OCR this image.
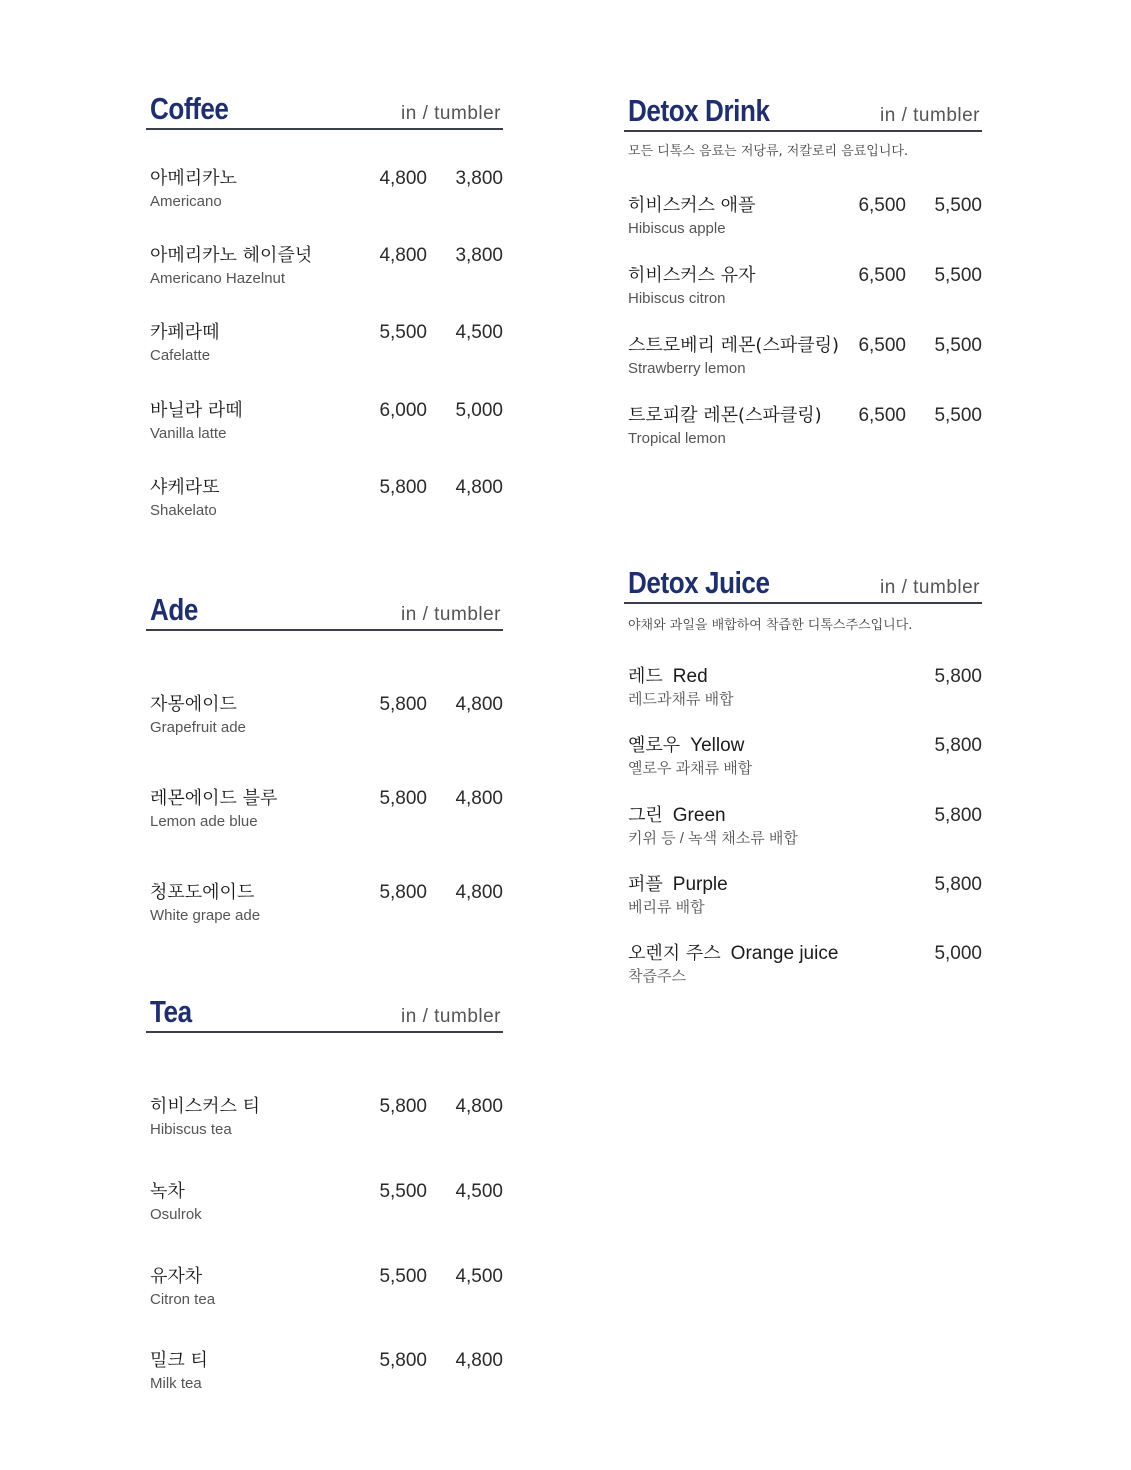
Coffee	in / tumbler
아메리카노
Americano
4,800 3,800
아메리카노 헤이즐넛
Americano Hazelnut
4,800 3,800
카페라떼
Cafelatte
5,500 4,500
바닐라 라떼
Vanilla latte
6,000 5,000
샤케라또
Shakelato
5,800 4,800
Ade	in / tumbler
자몽에이드
Grapefruit ade
5,800 4,800
레몬에이드 블루
Lemon ade blue
5,800 4,800
청포도에이드
White grape ade
5,800 4,800
Tea	in / tumbler
히비스커스 티
Hibiscus tea
5,800 4,800
녹차
Osulrok
5,500 4,500
유자차
Citron tea
5,500 4,500
밀크 티
Milk tea
5,800 4,800
Detox Drink	in / tumbler
모든 디톡스 음료는 저당류, 저칼로리 음료입니다.
히비스커스 애플
Hibiscus apple
6,500 5,500
히비스커스 유자
Hibiscus citron
6,500 5,500
스트로베리 레몬(스파클링)
Strawberry lemon
6,500 5,500
트로피칼 레몬(스파클링)
Tropical lemon
6,500 5,500
Detox Juice	in / tumbler
야채와 과일을 배합하여 착즙한 디톡스주스입니다.
레드 Red
레드과채류 배합
5,800
옐로우 Yellow
옐로우 과채류 배합
5,800
그린 Green
키위 등 / 녹색 채소류 배합
5,800
퍼플 Purple
베리류 배합
5,800
오렌지 주스 Orange juice
착즙주스
5,000
